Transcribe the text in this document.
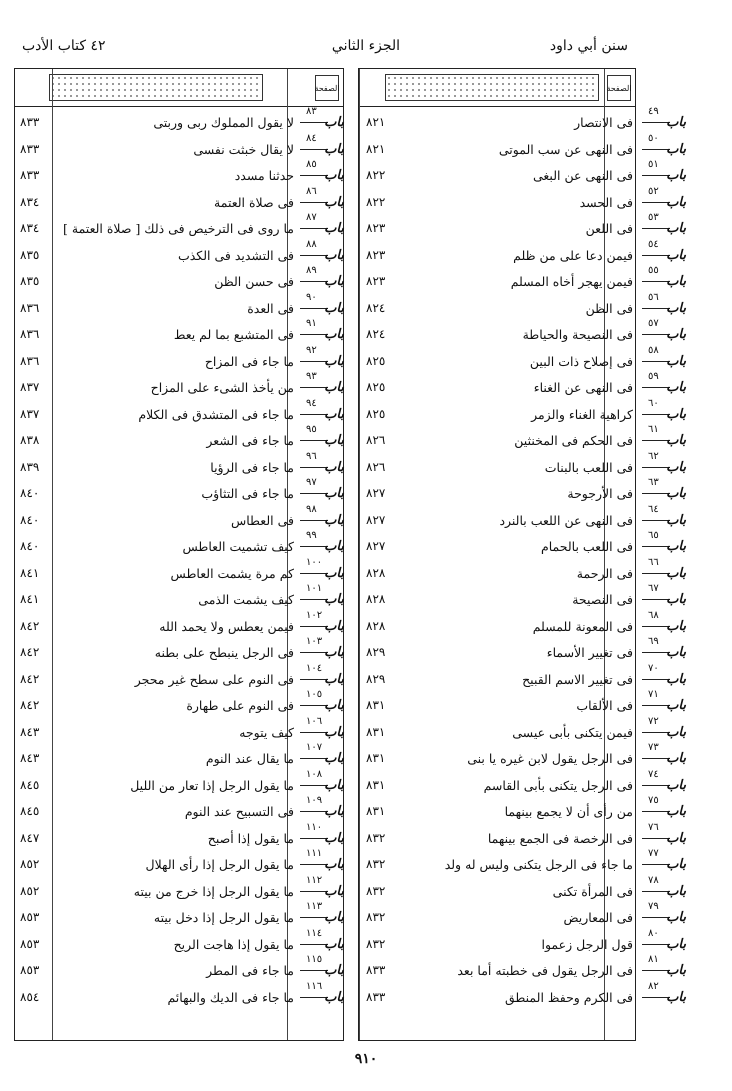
سنن أبي داود
الجزء الثاني
٤٢ كتاب الأدب
الصفحة
الصفحة
٨٢١	فى الانتصار
٤٩
باب
٨٢١	فى النهى عن سب الموتى
٥٠
باب
٨٢٢	فى النهى عن البغى
٥١
باب
٨٢٢	فى الحسد
٥٢
باب
٨٢٣	فى اللعن
٥٣
باب
٨٢٣	فيمن دعا على من ظلم
٥٤
باب
٨٢٣	فيمن يهجر أخاه المسلم
٥٥
باب
٨٢٤	فى الظن
٥٦
باب
٨٢٤	فى النصيحة والحياطة
٥٧
باب
٨٢٥	فى إصلاح ذات البين
٥٨
باب
٨٢٥	فى النهى عن الغناء
٥٩
باب
٨٢٥	كراهية الغناء والزمر
٦٠
باب
٨٢٦	فى الحكم فى المخنثين
٦١
باب
٨٢٦	فى اللعب بالبنات
٦٢
باب
٨٢٧	فى الأرجوحة
٦٣
باب
٨٢٧	فى النهى عن اللعب بالنرد
٦٤
باب
٨٢٧	فى اللعب بالحمام
٦٥
باب
٨٢٨	فى الرحمة
٦٦
باب
٨٢٨	فى النصيحة
٦٧
باب
٨٢٨	فى المعونة للمسلم
٦٨
باب
٨٢٩	فى تغيير الأسماء
٦٩
باب
٨٢٩	فى تغيير الاسم القبيح
٧٠
باب
٨٣١	فى الألقاب
٧١
باب
٨٣١	فيمن يتكنى بأبى عيسى
٧٢
باب
٨٣١	فى الرجل يقول لابن غيره يا بنى
٧٣
باب
٨٣١	فى الرجل يتكنى بأبى القاسم
٧٤
باب
٨٣١	من رأى أن لا يجمع بينهما
٧٥
باب
٨٣٢	فى الرخصة فى الجمع بينهما
٧٦
باب
٨٣٢	ما جاء فى الرجل يتكنى وليس له ولد
٧٧
باب
٨٣٢	فى المرأة تكنى
٧٨
باب
٨٣٢	فى المعاريض
٧٩
باب
٨٣٢	قول الرجل زعموا
٨٠
باب
٨٣٣	فى الرجل يقول فى خطبته أما بعد
٨١
باب
٨٣٣	فى الكرم وحفظ المنطق
٨٢
باب
٨٣٣	لا يقول المملوك ربى وربتى
٨٣
باب
٨٣٣	لا يقال خبثت نفسى
٨٤
باب
٨٣٣	حدثنا مسدد
٨٥
باب
٨٣٤	فى صلاة العتمة
٨٦
باب
٨٣٤ ما روى فى الترخيص فى ذلك [ صلاة العتمة ]
٨٧
باب
٨٣٥	فى التشديد فى الكذب
٨٨
باب
٨٣٥	فى حسن الظن
٨٩
باب
٨٣٦	فى العدة
٩٠
باب
٨٣٦	فى المتشبع بما لم يعط
٩١
باب
٨٣٦	ما جاء فى المزاح
٩٢
باب
٨٣٧	من يأخذ الشىء على المزاح
٩٣
باب
٨٣٧	ما جاء فى المتشدق فى الكلام
٩٤
باب
٨٣٨	ما جاء فى الشعر
٩٥
باب
٨٣٩	ما جاء فى الرؤيا
٩٦
باب
٨٤٠	ما جاء فى التثاؤب
٩٧
باب
٨٤٠	فى العطاس
٩٨
باب
٨٤٠	كيف تشميت العاطس
٩٩
باب
٨٤١	كم مرة يشمت العاطس
١٠٠
باب
٨٤١	كيف يشمت الذمى
١٠١
باب
٨٤٢	فيمن يعطس ولا يحمد الله
١٠٢
باب
٨٤٢	فى الرجل ينبطح على بطنه
١٠٣
باب
٨٤٢	فى النوم على سطح غير محجر
١٠٤
باب
٨٤٢	فى النوم على طهارة
١٠٥
باب
٨٤٣	كيف يتوجه
١٠٦
باب
٨٤٣	ما يقال عند النوم
١٠٧
باب
٨٤٥	ما يقول الرجل إذا تعار من الليل
١٠٨
باب
٨٤٥	فى التسبيح عند النوم
١٠٩
باب
٨٤٧	ما يقول إذا أصبح
١١٠
باب
٨٥٢	ما يقول الرجل إذا رأى الهلال
١١١
باب
٨٥٢	ما يقول الرجل إذا خرج من بيته
١١٢
باب
٨٥٣	ما يقول الرجل إذا دخل بيته
١١٣
باب
٨٥٣	ما يقول إذا هاجت الريح
١١٤
باب
٨٥٣	ما جاء فى المطر
١١٥
باب
٨٥٤	ما جاء فى الديك والبهائم
١١٦
باب
٩١٠
